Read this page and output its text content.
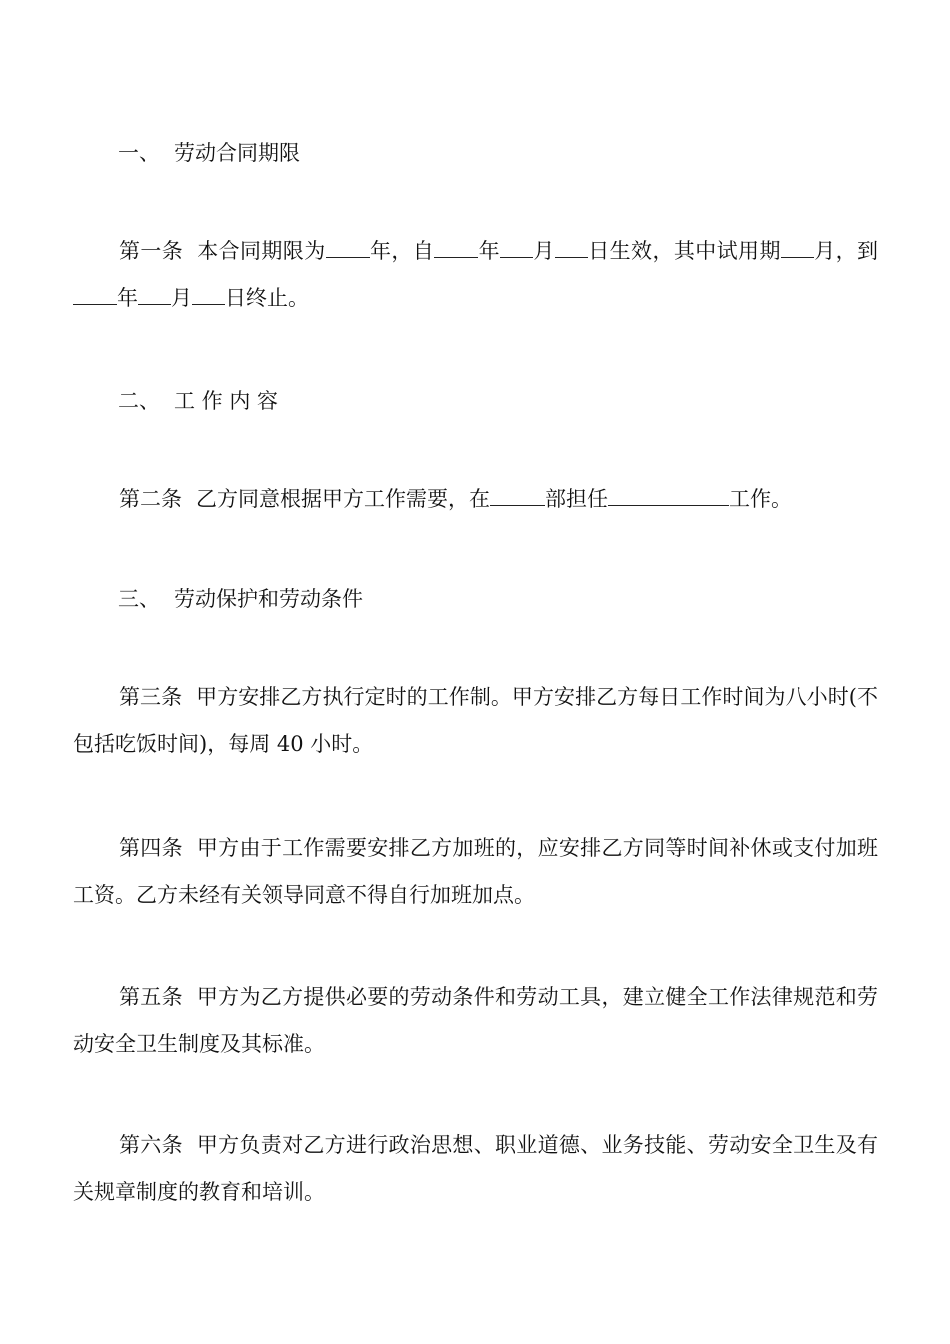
一、 劳动合同期限

第一条 本合同期限为 年，自 年 月 日生效，其中试用期 月，到年 月 日终止。

二、 工 作 内 容

第二条 乙方同意根据甲方工作需要，在	部担任	工作。

三、 劳动保护和劳动条件

第三条 甲方安排乙方执行定时的工作制。甲方安排乙方每日工作时间为八小时(不包括吃饭时间)，每周 40 小时。

第四条 甲方由于工作需要安排乙方加班的，应安排乙方同等时间补休或支付加班工资。乙方未经有关领导同意不得自行加班加点。

第五条 甲方为乙方提供必要的劳动条件和劳动工具，建立健全工作法律规范和劳动安全卫生制度及其标准。

第六条 甲方负责对乙方进行政治思想、职业道德、业务技能、劳动安全卫生及有关规章制度的教育和培训。
